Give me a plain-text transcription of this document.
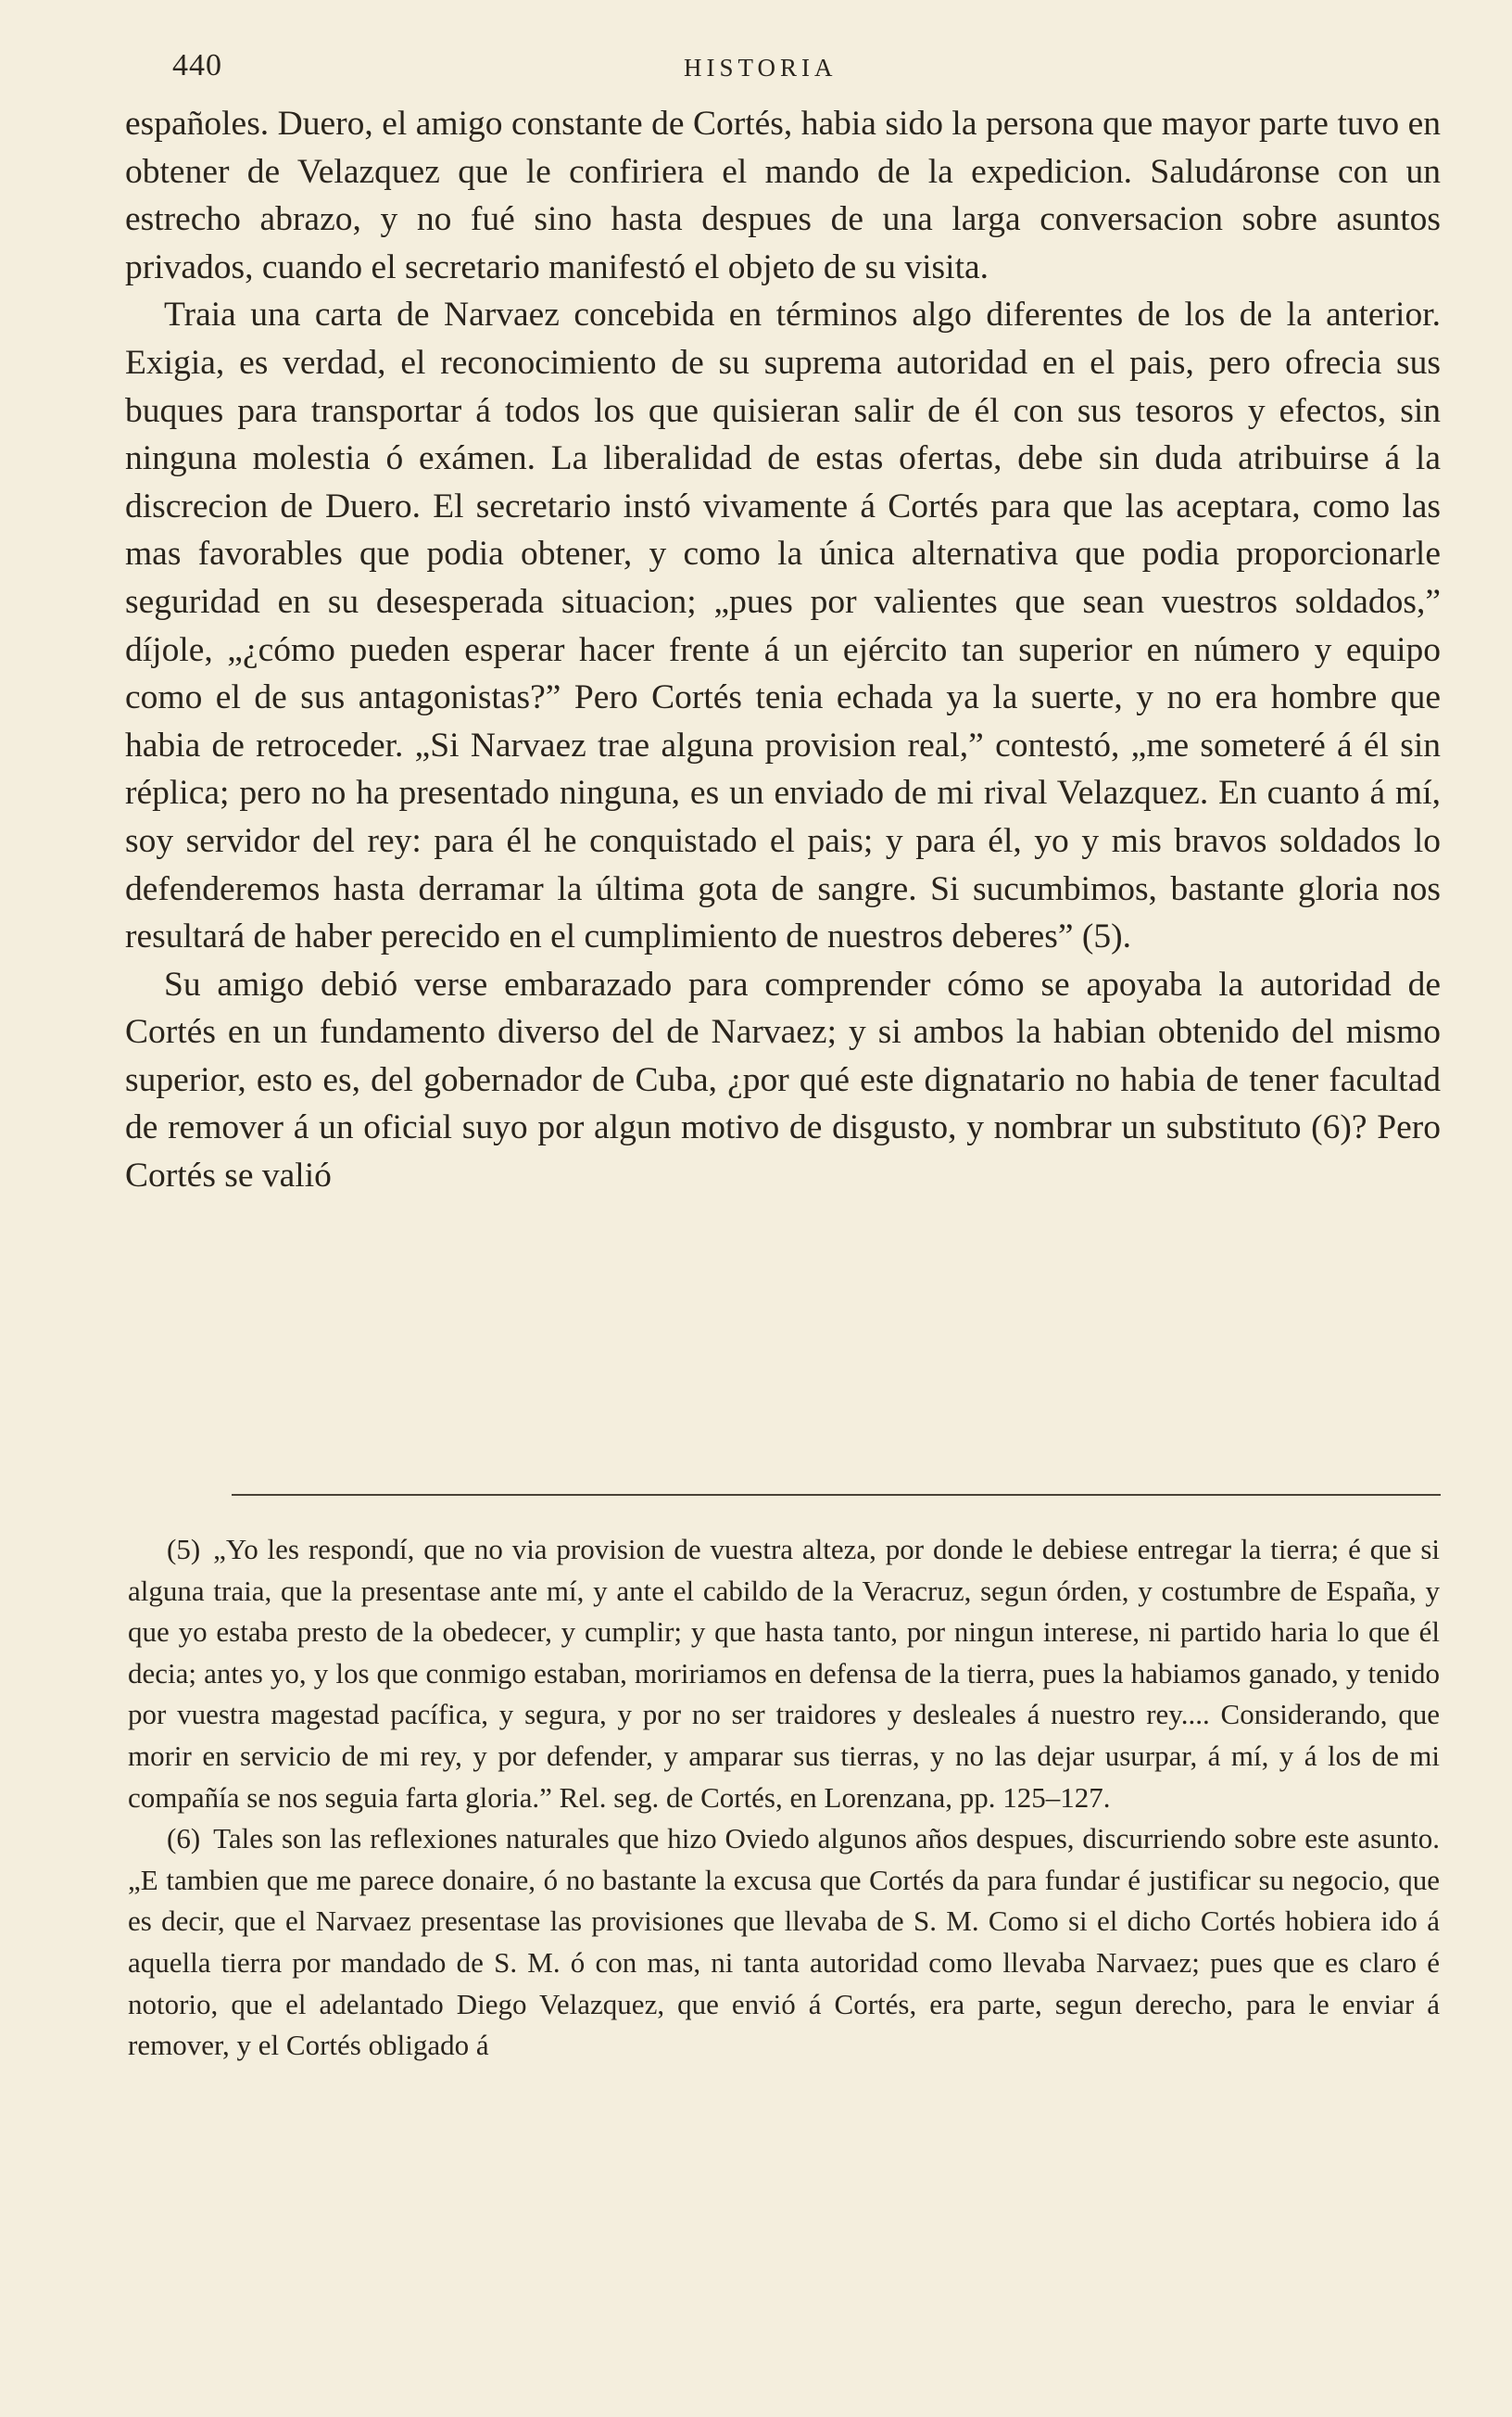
440	HISTORIA

españoles. Duero, el amigo constante de Cortés, habia sido la persona que mayor parte tuvo en obtener de Velazquez que le confiriera el mando de la expedicion. Saludáronse con un estrecho abrazo, y no fué sino hasta despues de una larga conversacion sobre asuntos privados, cuando el secretario manifestó el objeto de su visita.

Traia una carta de Narvaez concebida en términos algo diferentes de los de la anterior. Exigia, es verdad, el reconocimiento de su suprema autoridad en el pais, pero ofrecia sus buques para transportar á todos los que quisieran salir de él con sus tesoros y efectos, sin ninguna molestia ó exámen. La liberalidad de estas ofertas, debe sin duda atribuirse á la discrecion de Duero. El secretario instó vivamente á Cortés para que las aceptara, como las mas favorables que podia obtener, y como la única alternativa que podia proporcionarle seguridad en su desesperada situacion; „pues por valientes que sean vuestros soldados,” díjole, „¿cómo pueden esperar hacer frente á un ejército tan superior en número y equipo como el de sus antagonistas?” Pero Cortés tenia echada ya la suerte, y no era hombre que habia de retroceder. „Si Narvaez trae alguna provision real,” contestó, „me someteré á él sin réplica; pero no ha presentado ninguna, es un enviado de mi rival Velazquez. En cuanto á mí, soy servidor del rey: para él he conquistado el pais; y para él, yo y mis bravos soldados lo defenderemos hasta derramar la última gota de sangre. Si sucumbimos, bastante gloria nos resultará de haber perecido en el cumplimiento de nuestros deberes” (5).

Su amigo debió verse embarazado para comprender cómo se apoyaba la autoridad de Cortés en un fundamento diverso del de Narvaez; y si ambos la habian obtenido del mismo superior, esto es, del gobernador de Cuba, ¿por qué este dignatario no habia de tener facultad de remover á un oficial suyo por algun motivo de disgusto, y nombrar un substituto (6)? Pero Cortés se valió

(5) „Yo les respondí, que no via provision de vuestra alteza, por donde le debiese entregar la tierra; é que si alguna traia, que la presentase ante mí, y ante el cabildo de la Veracruz, segun órden, y costumbre de España, y que yo estaba presto de la obedecer, y cumplir; y que hasta tanto, por ningun interese, ni partido haria lo que él decia; antes yo, y los que conmigo estaban, moririamos en defensa de la tierra, pues la habiamos ganado, y tenido por vuestra magestad pacífica, y segura, y por no ser traidores y desleales á nuestro rey.... Considerando, que morir en servicio de mi rey, y por defender, y amparar sus tierras, y no las dejar usurpar, á mí, y á los de mi compañía se nos seguia farta gloria.” Rel. seg. de Cortés, en Lorenzana, pp. 125–127.

(6) Tales son las reflexiones naturales que hizo Oviedo algunos años despues, discurriendo sobre este asunto. „E tambien que me parece donaire, ó no bastante la excusa que Cortés da para fundar é justificar su negocio, que es decir, que el Narvaez presentase las provisiones que llevaba de S. M. Como si el dicho Cortés hobiera ido á aquella tierra por mandado de S. M. ó con mas, ni tanta autoridad como llevaba Narvaez; pues que es claro é notorio, que el adelantado Diego Velazquez, que envió á Cortés, era parte, segun derecho, para le enviar á remover, y el Cortés obligado á
